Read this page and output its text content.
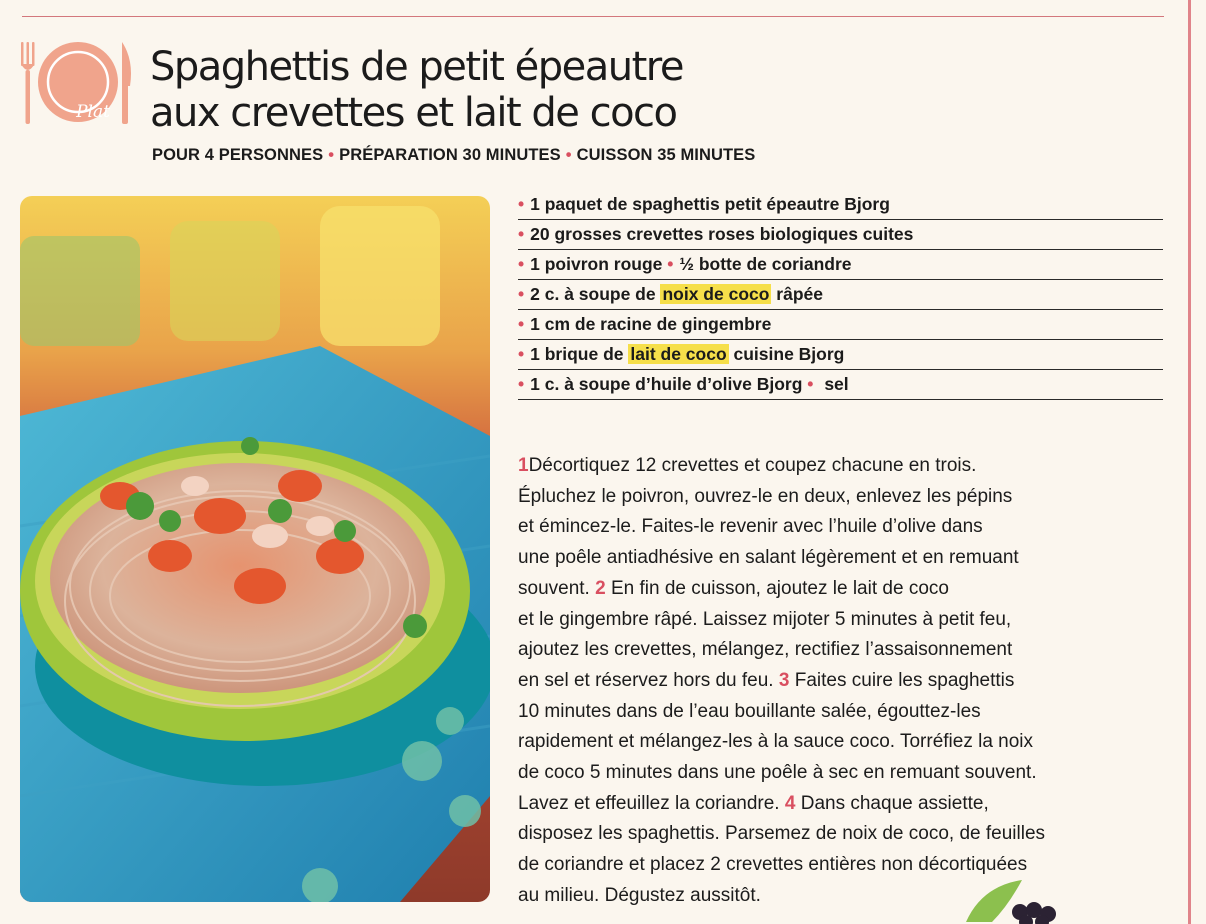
Plat
Spaghettis de petit épeautre
aux crevettes et lait de coco

POUR 4 PERSONNES • PRÉPARATION 30 MINUTES • CUISSON 35 MINUTES

• 1 paquet de spaghettis petit épeautre Bjorg
• 20 grosses crevettes roses biologiques cuites
• 1 poivron rouge • ½ botte de coriandre
• 2 c. à soupe de noix de coco râpée
• 1 cm de racine de gingembre
• 1 brique de lait de coco cuisine Bjorg
• 1 c. à soupe d’huile d’olive Bjorg • sel
1Décortiquez 12 crevettes et coupez chacune en trois.
Épluchez le poivron, ouvrez-le en deux, enlevez les pépins
et émincez-le. Faites-le revenir avec l’huile d’olive dans
une poêle antiadhésive en salant légèrement et en remuant
souvent. 2 En fin de cuisson, ajoutez le lait de coco
et le gingembre râpé. Laissez mijoter 5 minutes à petit feu,
ajoutez les crevettes, mélangez, rectifiez l’assaisonnement
en sel et réservez hors du feu. 3 Faites cuire les spaghettis
10 minutes dans de l’eau bouillante salée, égouttez-les
rapidement et mélangez-les à la sauce coco. Torréfiez la noix
de coco 5 minutes dans une poêle à sec en remuant souvent.
Lavez et effeuillez la coriandre. 4 Dans chaque assiette,
disposez les spaghettis. Parsemez de noix de coco, de feuilles
de coriandre et placez 2 crevettes entières non décortiquées
au milieu. Dégustez aussitôt.
